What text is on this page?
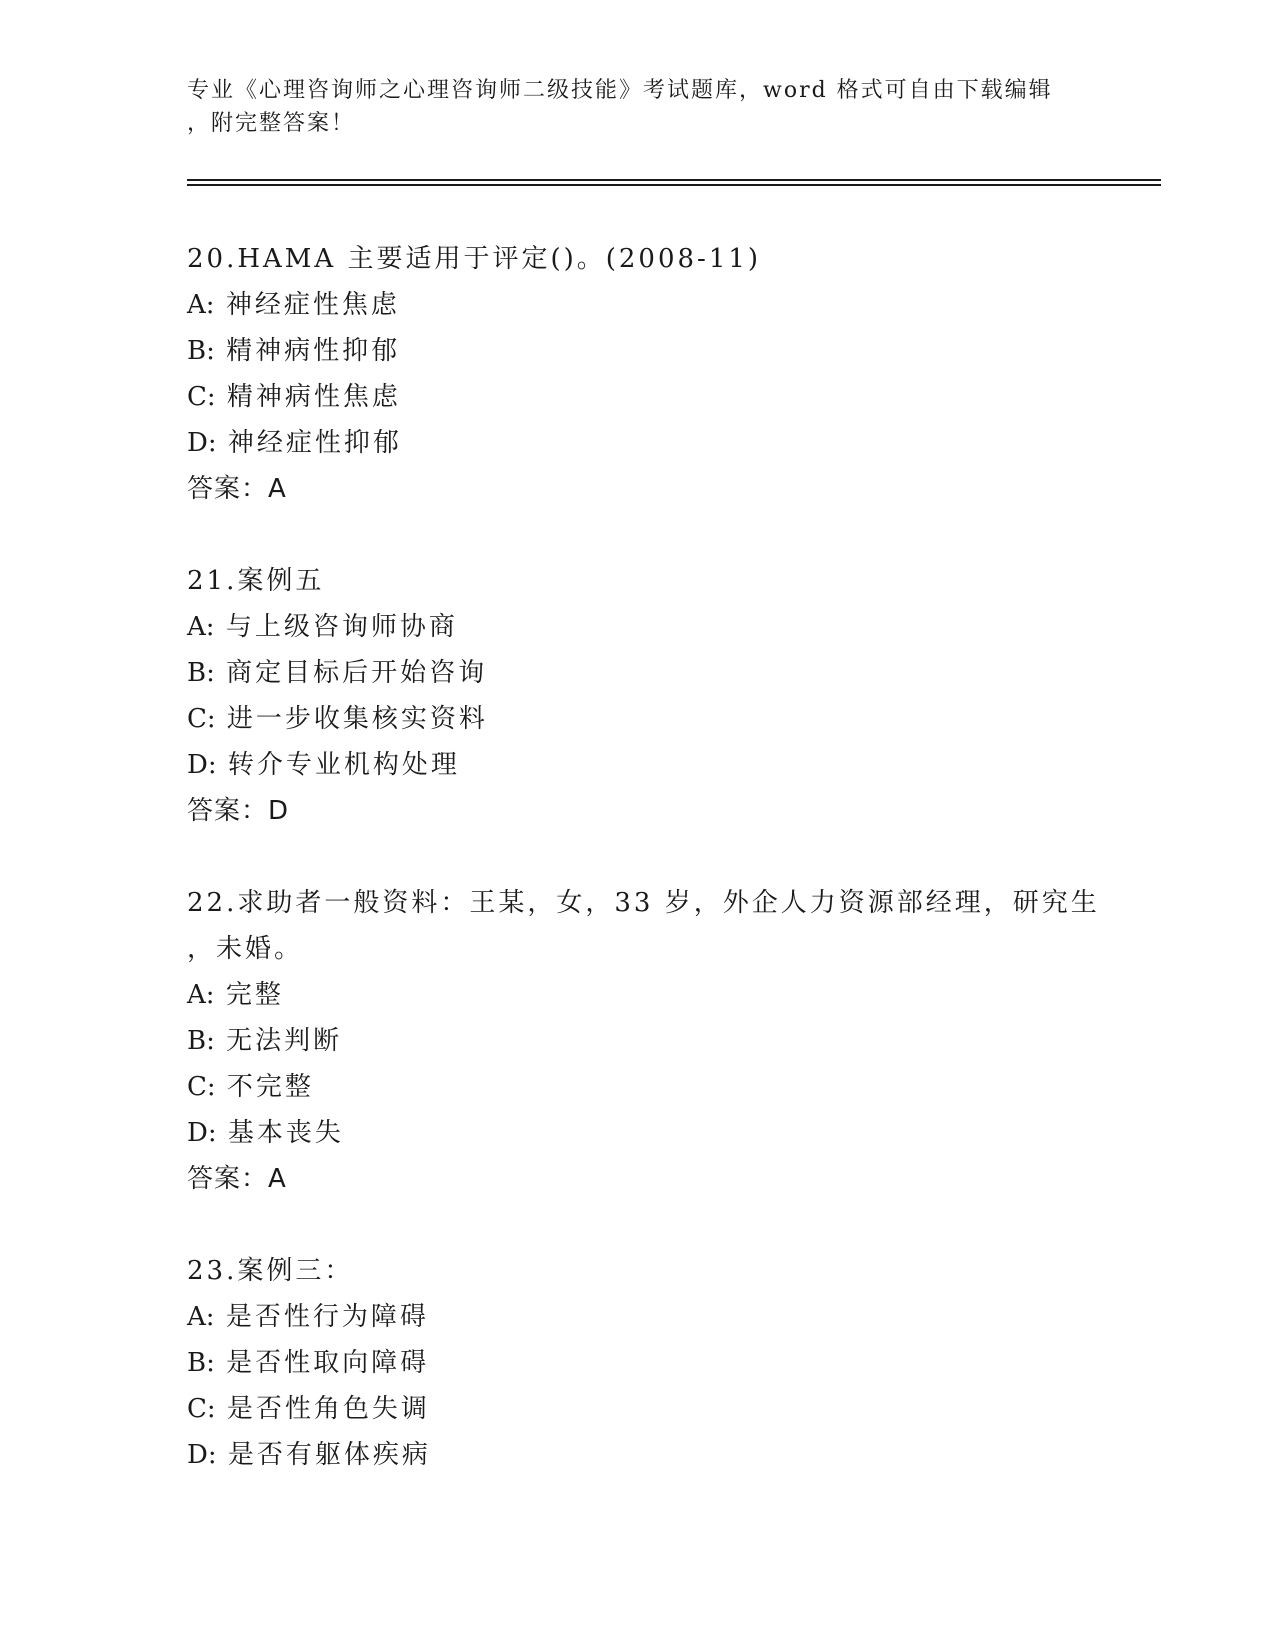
专业《心理咨询师之心理咨询师二级技能》考试题库，word 格式可自由下载编辑
，附完整答案！
20.HAMA 主要适用于评定()。(2008-11)
A: 神经症性焦虑
B: 精神病性抑郁
C: 精神病性焦虑
D: 神经症性抑郁
答案：A
21.案例五
A: 与上级咨询师协商
B: 商定目标后开始咨询
C: 进一步收集核实资料
D: 转介专业机构处理
答案：D
22.求助者一般资料：王某，女，33 岁，外企人力资源部经理，研究生
，未婚。
A: 完整
B: 无法判断
C: 不完整
D: 基本丧失
答案：A
23.案例三：
A: 是否性行为障碍
B: 是否性取向障碍
C: 是否性角色失调
D: 是否有躯体疾病
